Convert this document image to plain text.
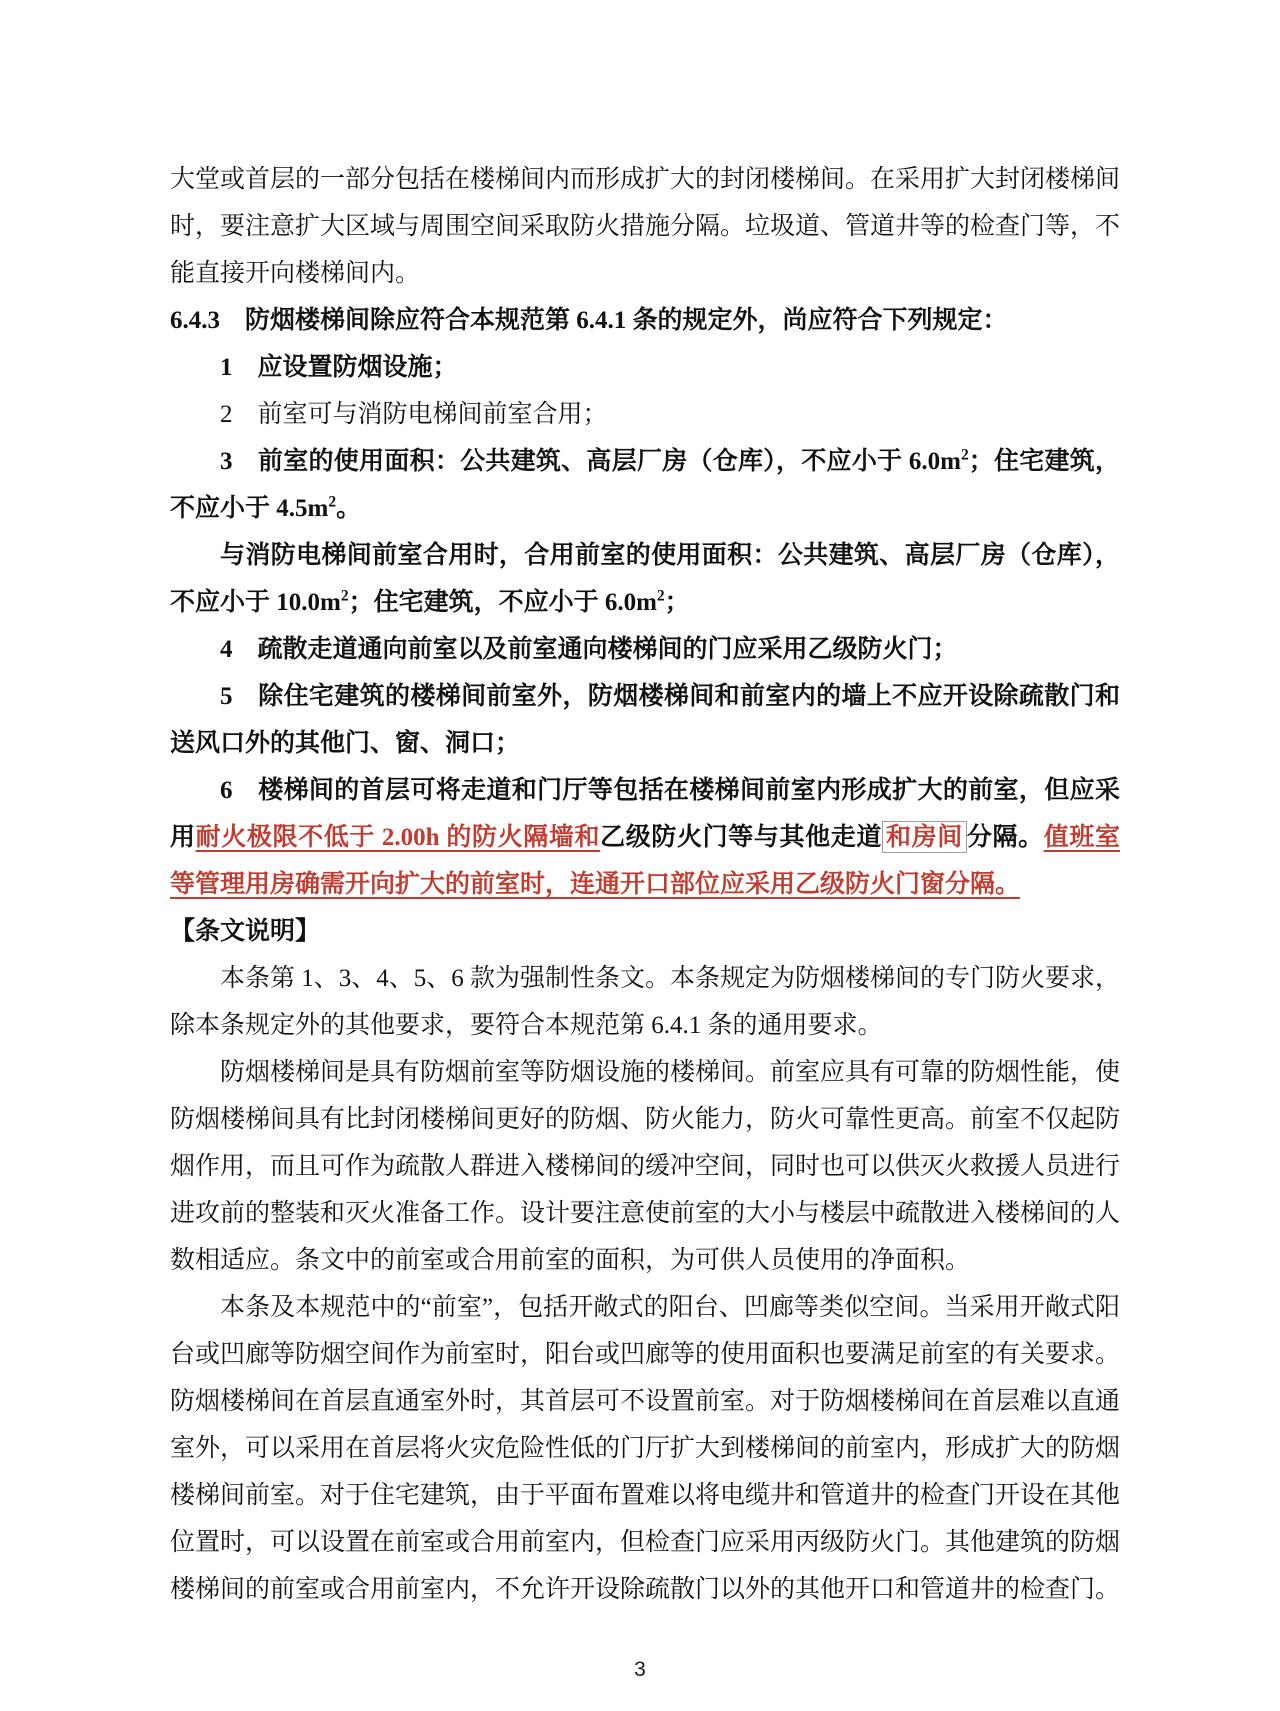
大堂或首层的一部分包括在楼梯间内而形成扩大的封闭楼梯间。在采用扩大封闭楼梯间时，要注意扩大区域与周围空间采取防火措施分隔。垃圾道、管道井等的检查门等，不能直接开向楼梯间内。

6.4.3　防烟楼梯间除应符合本规范第 6.4.1 条的规定外，尚应符合下列规定：

1　应设置防烟设施；

2　前室可与消防电梯间前室合用；

3　前室的使用面积：公共建筑、高层厂房（仓库），不应小于 $6.0m^2$；住宅建筑，不应小于 $4.5m^2$。

与消防电梯间前室合用时，合用前室的使用面积：公共建筑、高层厂房（仓库），不应小于 $10.0m^2$；住宅建筑，不应小于 $6.0m^2$；

4　疏散走道通向前室以及前室通向楼梯间的门应采用乙级防火门；

5　除住宅建筑的楼梯间前室外，防烟楼梯间和前室内的墙上不应开设除疏散门和送风口外的其他门、窗、洞口；

6　楼梯间的首层可将走道和门厅等包括在楼梯间前室内形成扩大的前室，但应采用耐火极限不低于 2.00h 的防火隔墙和乙级防火门等与其他走道 和房间 分隔。值班室等管理用房确需开向扩大的前室时，连通开口部位应采用乙级防火门窗分隔。

【条文说明】

本条第 1、3、4、5、6 款为强制性条文。本条规定为防烟楼梯间的专门防火要求，除本条规定外的其他要求，要符合本规范第 6.4.1 条的通用要求。

防烟楼梯间是具有防烟前室等防烟设施的楼梯间。前室应具有可靠的防烟性能，使防烟楼梯间具有比封闭楼梯间更好的防烟、防火能力，防火可靠性更高。前室不仅起防烟作用，而且可作为疏散人群进入楼梯间的缓冲空间，同时也可以供灭火救援人员进行进攻前的整装和灭火准备工作。设计要注意使前室的大小与楼层中疏散进入楼梯间的人数相适应。条文中的前室或合用前室的面积，为可供人员使用的净面积。

本条及本规范中的“前室”，包括开敞式的阳台、凹廊等类似空间。当采用开敞式阳台或凹廊等防烟空间作为前室时，阳台或凹廊等的使用面积也要满足前室的有关要求。防烟楼梯间在首层直通室外时，其首层可不设置前室。对于防烟楼梯间在首层难以直通室外，可以采用在首层将火灾危险性低的门厅扩大到楼梯间的前室内，形成扩大的防烟楼梯间前室。对于住宅建筑，由于平面布置难以将电缆井和管道井的检查门开设在其他位置时，可以设置在前室或合用前室内，但检查门应采用丙级防火门。其他建筑的防烟楼梯间的前室或合用前室内，不允许开设除疏散门以外的其他开口和管道井的检查门。

3
